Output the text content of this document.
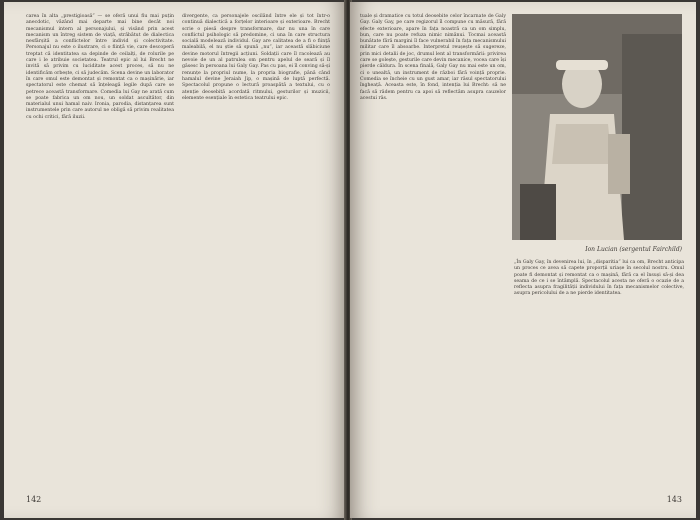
carea în alta „prestigioasă” — se oferă unui fiu mai puțin anecdotic, văzând mai departe mai bine decât noi mecanismul intern al personajului, și visând prin acest mecanism un întreg sistem de viață, străbătut de dialectica nesfârșită a conflictelor între individ și colectivitate. Personajul nu este o ilustrare, ci o ființă vie, care descoperă treptat că identitatea sa depinde de ceilalți, de rolurile pe care i le atribuie societatea. Teatrul epic al lui Brecht ne invită să privim cu luciditate acest proces, să nu ne identificăm orbește, ci să judecăm. Scena devine un laborator în care omul este demontat și remontat ca o mașinărie, iar spectatorul este chemat să înțeleagă legile după care se petrece această transformare. Comedia lui Gay ne arată cum se poate fabrica un om nou, un soldat ascultător, din materialul unui hamal naiv. Ironia, parodia, distanțarea sunt instrumentele prin care autorul ne obligă să privim realitatea cu ochi critici, fără iluzii.
divergente, ca personajele oscilând între ele și tot într-o continuă dialectică a forțelor interioare și exterioare. Brecht scrie o piesă despre transformare, dar nu una în care conflictul psihologic să predomine, ci una în care structura socială modelează individul. Gay are calitatea de a fi o ființă maleabilă, el nu știe să spună „nu”, iar această slăbiciune devine motorul întregii acțiuni. Soldații care îl racolează au nevoie de un al patrulea om pentru apelul de seară și îl găsesc în persoana lui Galy Gay. Pas cu pas, ei îl conving să-și renunțe la propriul nume, la propria biografie, până când hamalul devine Jeraiah Jip, o mașină de luptă perfectă. Spectacolul propune o lectură proaspătă a textului, cu o atenție deosebită acordată ritmului, gesturilor și muzicii, elemente esențiale în estetica teatrului epic.
142
tuale și dramatice cu totul deosebite celor încarnate de Galy Gay. Galy Gay, pe care regizorul îl compune cu măsură, fără efecte exterioare, apare în fața noastră ca un om simplu, bun, care nu poate refuza nimic nimănui. Tocmai această bunătate fără margini îl face vulnerabil în fața mecanismului militar care îl absoarbe. Interpretul reușește să sugereze, prin mici detalii de joc, drumul lent al transformării: privirea care se golește, gesturile care devin mecanice, vocea care își pierde căldura. În scena finală, Galy Gay nu mai este un om, ci o unealtă, un instrument de război fără voință proprie. Comedia se încheie cu un gust amar, iar râsul spectatorului îngheață. Aceasta este, în fond, intenția lui Brecht: să ne facă să râdem pentru ca apoi să reflectăm asupra cauzelor acestui râs.
Ion Lucian (sergentul Fairchild)
„În Galy Gay, în devenirea lui, în „disparitia” lui ca om, Brecht anticipa un proces ce avea să capete proporții uriașe în secolul nostru. Omul poate fi demontat și remontat ca o mașină, fără ca el însuși să-și dea seama de ce i se întâmplă. Spectacolul acesta ne oferă o ocazie de a reflecta asupra fragilității individului în fața mecanismelor colective, asupra pericolului de a ne pierde identitatea.
143
